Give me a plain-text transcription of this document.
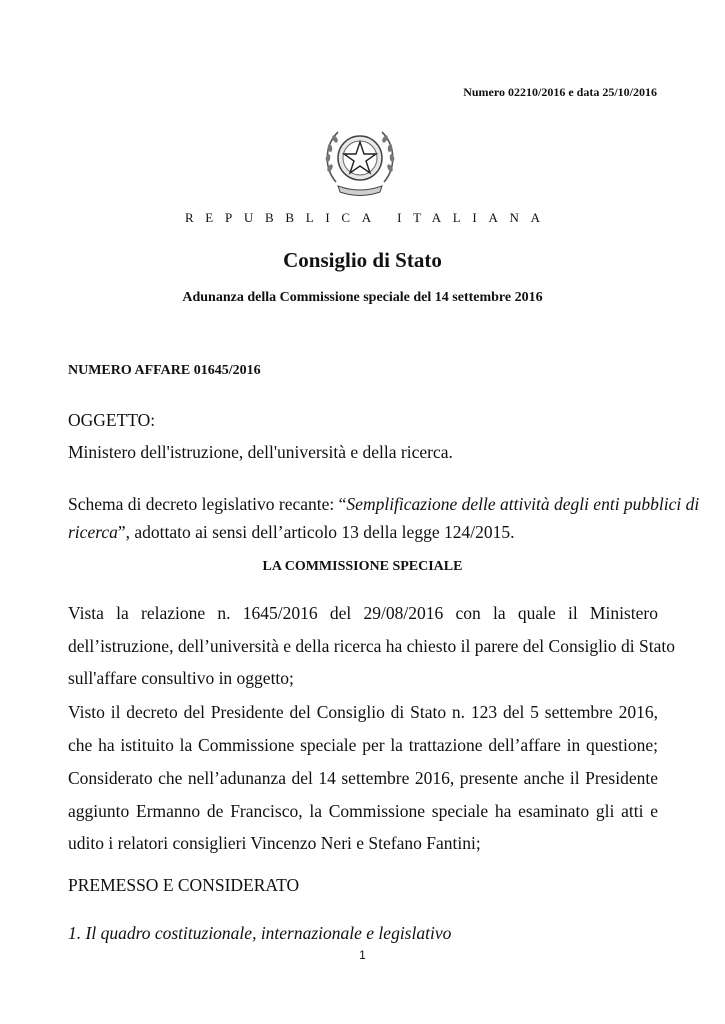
Numero 02210/2016 e data 25/10/2016
REPUBBLICA ITALIANA
Consiglio di Stato
Adunanza della Commissione speciale del 14 settembre 2016
NUMERO AFFARE 01645/2016
OGGETTO:
Ministero dell'istruzione, dell'università e della ricerca.
Schema di decreto legislativo recante: “Semplificazione delle attività degli enti pubblici di
ricerca”, adottato ai sensi dell’articolo 13 della legge 124/2015.
LA COMMISSIONE SPECIALE
Vista la relazione n. 1645/2016 del 29/08/2016 con la quale il Ministero
dell’istruzione, dell’università e della ricerca ha chiesto il parere del Consiglio di Stato
sull'affare consultivo in oggetto;
Visto il decreto del Presidente del Consiglio di Stato n. 123 del 5 settembre 2016,
che ha istituito la Commissione speciale per la trattazione dell’affare in questione;
Considerato che nell’adunanza del 14 settembre 2016, presente anche il Presidente
aggiunto Ermanno de Francisco, la Commissione speciale ha esaminato gli atti e
udito i relatori consiglieri Vincenzo Neri e Stefano Fantini;
PREMESSO E CONSIDERATO
1. Il quadro costituzionale, internazionale e legislativo
1
